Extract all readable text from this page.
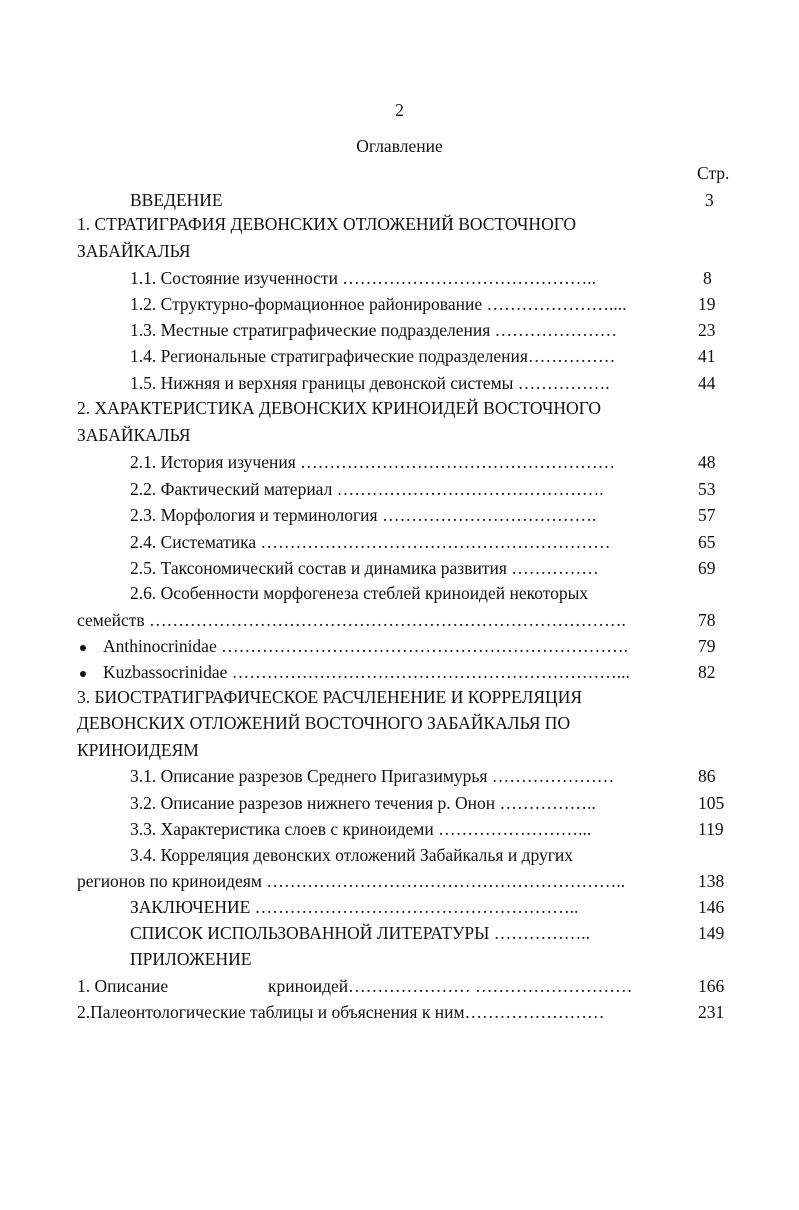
2
Оглавление
Стр.
ВВЕДЕНИЕ	3
1. СТРАТИГРАФИЯ ДЕВОНСКИХ ОТЛОЖЕНИЙ ВОСТОЧНОГО
ЗАБАЙКАЛЬЯ
1.1. Состояние изученности ……………………………………..	8
1.2. Структурно-формационное районирование …………………....	19
1.3. Местные стратиграфические подразделения …………………	23
1.4. Региональные стратиграфические подразделения……………	41
1.5. Нижняя и верхняя границы девонской системы …………….	44
2. ХАРАКТЕРИСТИКА ДЕВОНСКИХ КРИНОИДЕЙ ВОСТОЧНОГО
ЗАБАЙКАЛЬЯ
2.1. История изучения ………………………………………………	48
2.2. Фактический материал ……………………………………….	53
2.3. Морфология и терминология ……………………………….	57
2.4. Систематика ……………………………………………………	65
2.5. Таксономический состав и динамика развития ……………	69
2.6. Особенности морфогенеза стеблей криноидей некоторых
семейств ……………………………………………………………………….	78
Anthinocrinidae …………………………………………………………….	79
Kuzbassocrinidae …………………………………………………………...	82
3. БИОСТРАТИГРАФИЧЕСКОЕ РАСЧЛЕНЕНИЕ И КОРРЕЛЯЦИЯ
ДЕВОНСКИХ ОТЛОЖЕНИЙ ВОСТОЧНОГО ЗАБАЙКАЛЬЯ ПО
КРИНОИДЕЯМ
3.1. Описание разрезов Среднего Пригазимурья …………………	86
3.2. Описание разрезов нижнего течения р. Онон ……………..	105
3.3. Характеристика слоев с криноидеми ……………………...	119
3.4. Корреляция девонских отложений Забайкалья и других
регионов по криноидеям ……………………………………………………..	138
ЗАКЛЮЧЕНИЕ ………………………………………………..	146
СПИСОК ИСПОЛЬЗОВАННОЙ ЛИТЕРАТУРЫ ……………..	149
ПРИЛОЖЕНИЕ
1. Описание	криноидей………………… ………………………	166
2.Палеонтологические таблицы и объяснения к ним……………………	231
